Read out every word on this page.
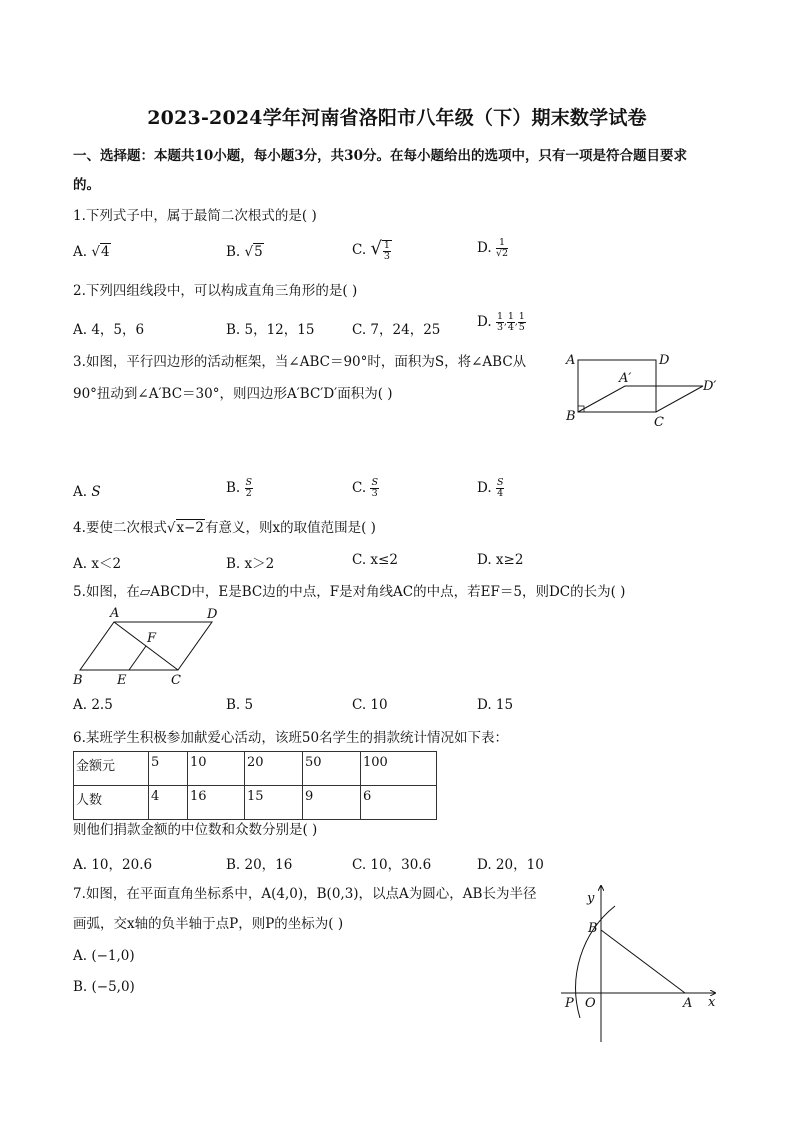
2023-2024学年河南省洛阳市八年级（下）期末数学试卷
一、选择题：本题共10小题，每小题3分，共30分。在每小题给出的选项中，只有一项是符合题目要求
的。
1.下列式子中，属于最简二次根式的是( )
A. √4	B. √5	C. √ $\frac{1}{3}$	D. $\frac{1}{√2}$
2.下列四组线段中，可以构成直角三角形的是( )
A. 4，5，6	B. 5，12，15	C. 7，24，25	D. $\frac{1}{3}$ , $\frac{1}{4}$ , $\frac{1}{5}$
3.如图，平行四边形的活动框架，当∠ABC＝90°时，面积为S，将∠ABC从
90°扭动到∠A′BC＝30°，则四边形A′BC′D′面积为( )
A	D
A′
D′
B	C
A. S	B. $\frac{S}{2}$	C. $\frac{S}{3}$	D. $\frac{S}{4}$
4.要使二次根式√x−2有意义，则x的取值范围是( )
A. x＜2	B. x＞2	C. x≤2	D. x≥2
5.如图，在▱ABCD中，E是BC边的中点，F是对角线AC的中点，若EF＝5，则DC的长为( )
A	D
F
B	E	C
A. 2.5	B. 5	C. 10	D. 15
6.某班学生积极参加献爱心活动，该班50名学生的捐款统计情况如下表：
金额元	5	10	20	50	100
人数	4	16	15	9	6
则他们捐款金额的中位数和众数分别是( )
A. 10，20.6	B. 20，16	C. 10，30.6	D. 20，10
7.如图，在平面直角坐标系中，A(4,0)，B(0,3)，以点A为圆心，AB长为半径
画弧，交x轴的负半轴于点P，则P的坐标为( )
A. (−1,0)
B. (−5,0)
y
B
P O	A x
